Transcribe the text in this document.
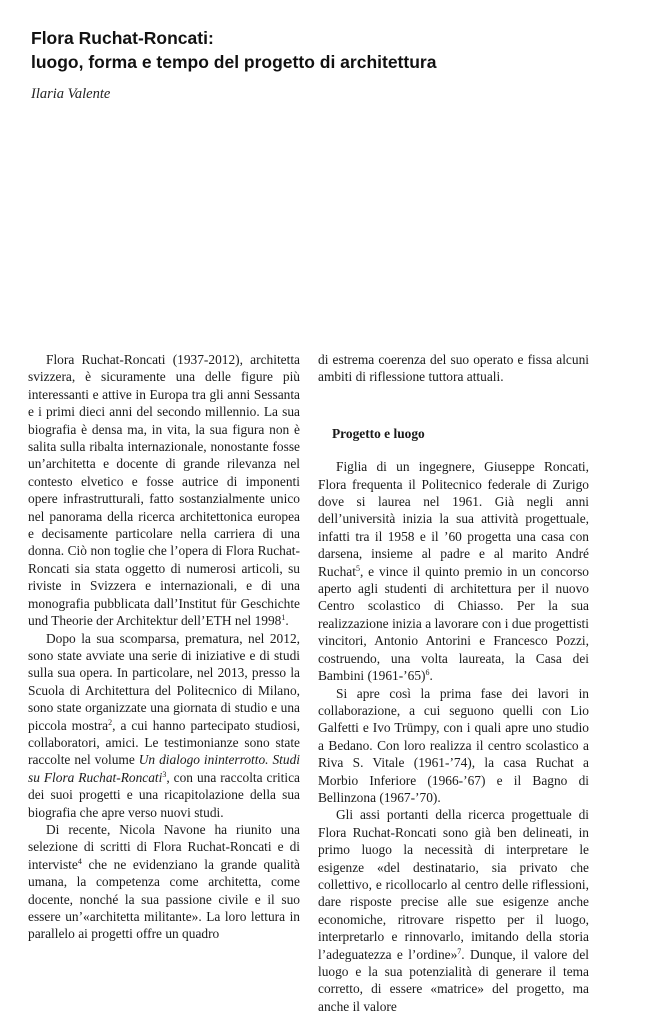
Flora Ruchat-Roncati:
luogo, forma e tempo del progetto di architettura

Ilaria Valente

Flora Ruchat-Roncati (1937-2012), architetta svizzera, è sicuramente una delle figure più interessanti e attive in Europa tra gli anni Sessanta e i primi dieci anni del secondo millennio. La sua biografia è densa ma, in vita, la sua figura non è salita sulla ribalta internazionale, nonostante fosse un’architetta e docente di grande rilevanza nel contesto elvetico e fosse autrice di imponenti opere infrastrutturali, fatto sostanzialmente unico nel panorama della ricerca architettonica europea e decisamente particolare nella carriera di una donna. Ciò non toglie che l’opera di Flora Ruchat-Roncati sia stata oggetto di numerosi articoli, su riviste in Svizzera e internazionali, e di una monografia pubblicata dall’Institut für Geschichte und Theorie der Architektur dell’ETH nel 1998$^1$.

Dopo la sua scomparsa, prematura, nel 2012, sono state avviate una serie di iniziative e di studi sulla sua opera. In particolare, nel 2013, presso la Scuola di Architettura del Politecnico di Milano, sono state organizzate una giornata di studio e una piccola mostra$^2$, a cui hanno partecipato studiosi, collaboratori, amici. Le testimonianze sono state raccolte nel volume Un dialogo ininterrotto. Studi su Flora Ruchat-Roncati$^3$, con una raccolta critica dei suoi progetti e una ricapitolazione della sua biografia che apre verso nuovi studi.

Di recente, Nicola Navone ha riunito una selezione di scritti di Flora Ruchat-Roncati e di interviste$^4$ che ne evidenziano la grande qualità umana, la competenza come architetta, come docente, nonché la sua passione civile e il suo essere un’«architetta militante». La loro lettura in parallelo ai progetti offre un quadro

di estrema coerenza del suo operato e fissa alcuni ambiti di riflessione tuttora attuali.

Progetto e luogo

Figlia di un ingegnere, Giuseppe Roncati, Flora frequenta il Politecnico federale di Zurigo dove si laurea nel 1961. Già negli anni dell’università inizia la sua attività progettuale, infatti tra il 1958 e il ’60 progetta una casa con darsena, insieme al padre e al marito André Ruchat$^5$, e vince il quinto premio in un concorso aperto agli studenti di architettura per il nuovo Centro scolastico di Chiasso. Per la sua realizzazione inizia a lavorare con i due progettisti vincitori, Antonio Antorini e Francesco Pozzi, costruendo, una volta laureata, la Casa dei Bambini (1961-’65)$^6$.

Si apre così la prima fase dei lavori in collaborazione, a cui seguono quelli con Lio Galfetti e Ivo Trümpy, con i quali apre uno studio a Bedano. Con loro realizza il centro scolastico a Riva S. Vitale (1961-’74), la casa Ruchat a Morbio Inferiore (1966-’67) e il Bagno di Bellinzona (1967-’70).

Gli assi portanti della ricerca progettuale di Flora Ruchat-Roncati sono già ben delineati, in primo luogo la necessità di interpretare le esigenze «del destinatario, sia privato che collettivo, e ricollocarlo al centro delle riflessioni, dare risposte precise alle sue esigenze anche economiche, ritrovare rispetto per il luogo, interpretarlo e rinnovarlo, imitando della storia l’adeguatezza e l’ordine»$^7$. Dunque, il valore del luogo e la sua potenzialità di generare il tema corretto, di essere «matrice» del progetto, ma anche il valore
